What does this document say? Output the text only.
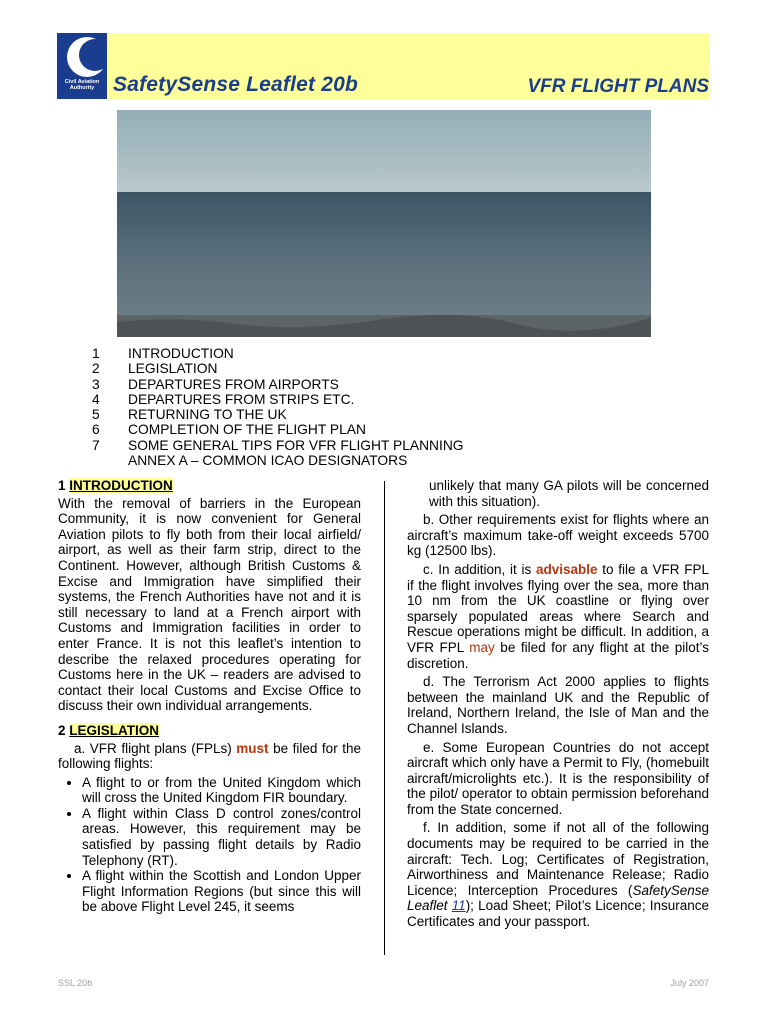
Civil Aviation Authority SafetySense Leaflet 20b	VFR FLIGHT PLANS
1	INTRODUCTION
2	LEGISLATION
3	DEPARTURES FROM AIRPORTS
4	DEPARTURES FROM STRIPS ETC.
5	RETURNING TO THE UK
6	COMPLETION OF THE FLIGHT PLAN
7	SOME GENERAL TIPS FOR VFR FLIGHT PLANNING
ANNEX A – COMMON ICAO DESIGNATORS
1 INTRODUCTION

With the removal of barriers in the European Community, it is now convenient for General Aviation pilots to fly both from their local airfield/ airport, as well as their farm strip, direct to the Continent. However, although British Customs & Excise and Immigration have simplified their systems, the French Authorities have not and it is still necessary to land at a French airport with Customs and Immigration facilities in order to enter France. It is not this leaflet’s intention to describe the relaxed procedures operating for Customs here in the UK – readers are advised to contact their local Customs and Excise Office to discuss their own individual arrangements.

2 LEGISLATION

a. VFR flight plans (FPLs) must be filed for the following flights:

• A flight to or from the United Kingdom which will cross the United Kingdom FIR boundary.
• A flight within Class D control zones/control areas. However, this requirement may be satisfied by passing flight details by Radio Telephony (RT).
• A flight within the Scottish and London Upper Flight Information Regions (but since this will be above Flight Level 245, it seems

unlikely that many GA pilots will be concerned with this situation).

b. Other requirements exist for flights where an aircraft’s maximum take-off weight exceeds 5700 kg (12500 lbs).

c. In addition, it is advisable to file a VFR FPL if the flight involves flying over the sea, more than 10 nm from the UK coastline or flying over sparsely populated areas where Search and Rescue operations might be difficult. In addition, a VFR FPL may be filed for any flight at the pilot’s discretion.

d. The Terrorism Act 2000 applies to flights between the mainland UK and the Republic of Ireland, Northern Ireland, the Isle of Man and the Channel Islands.

e. Some European Countries do not accept aircraft which only have a Permit to Fly, (homebuilt aircraft/microlights etc.). It is the responsibility of the pilot/ operator to obtain permission beforehand from the State concerned.

f. In addition, some if not all of the following documents may be required to be carried in the aircraft: Tech. Log; Certificates of Registration, Airworthiness and Maintenance Release; Radio Licence; Interception Procedures (SafetySense Leaflet 11); Load Sheet; Pilot’s Licence; Insurance Certificates and your passport.

SSL 20b	July 2007
